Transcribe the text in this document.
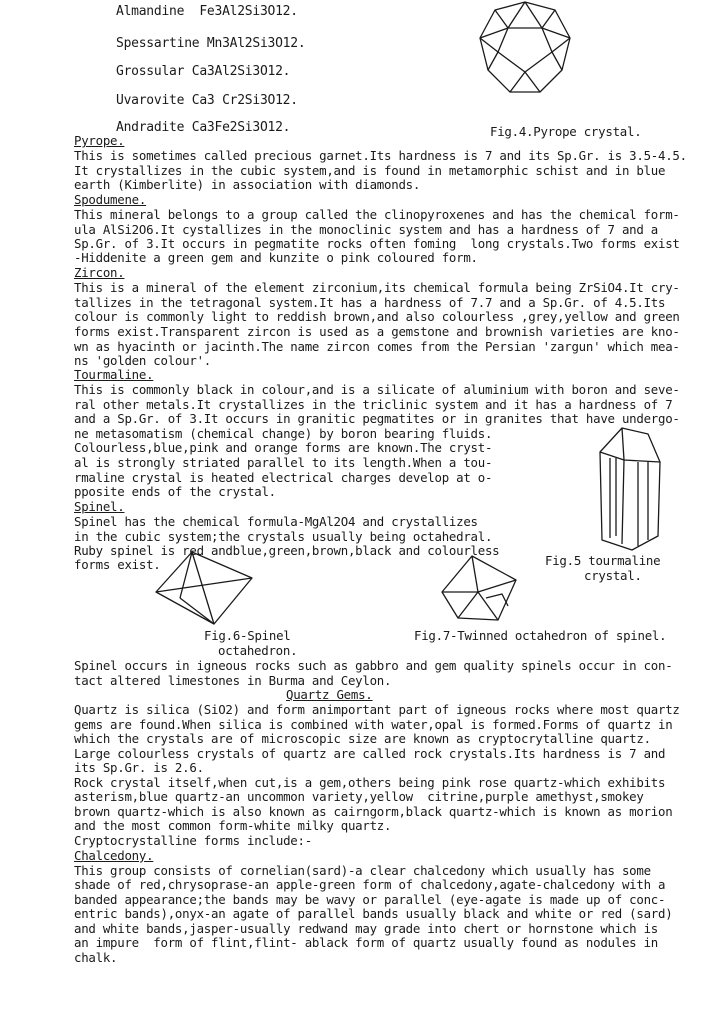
Almandine  Fe3Al2Si3O12.
Spessartine Mn3Al2Si3O12.
Grossular Ca3Al2Si3O12.
Uvarovite Ca3 Cr2Si3O12.
Andradite Ca3Fe2Si3O12.	Fig.4.Pyrope crystal.
Pyrope.
This is sometimes called precious garnet.Its hardness is 7 and its Sp.Gr. is 3.5-4.5.
It crystallizes in the cubic system,and is found in metamorphic schist and in blue
earth (Kimberlite) in association with diamonds.
Spodumene.
This mineral belongs to a group called the clinopyroxenes and has the chemical form-
ula AlSi2O6.It cystallizes in the monoclinic system and has a hardness of 7 and a
Sp.Gr. of 3.It occurs in pegmatite rocks often foming  long crystals.Two forms exist
-Hiddenite a green gem and kunzite o pink coloured form.
Zircon.
This is a mineral of the element zirconium,its chemical formula being ZrSiO4.It cry-
tallizes in the tetragonal system.It has a hardness of 7.7 and a Sp.Gr. of 4.5.Its
colour is commonly light to reddish brown,and also colourless ,grey,yellow and green
forms exist.Transparent zircon is used as a gemstone and brownish varieties are kno-
wn as hyacinth or jacinth.The name zircon comes from the Persian 'zargun' which mea-
ns 'golden colour'.
Tourmaline.
This is commonly black in colour,and is a silicate of aluminium with boron and seve-
ral other metals.It crystallizes in the triclinic system and it has a hardness of 7
and a Sp.Gr. of 3.It occurs in granitic pegmatites or in granites that have undergo-
ne metasomatism (chemical change) by boron bearing fluids.
Colourless,blue,pink and orange forms are known.The cryst-
al is strongly striated parallel to its length.When a tou-
rmaline crystal is heated electrical charges develop at o-
pposite ends of the crystal.
Spinel.
Spinel has the chemical formula-MgAl2O4 and crystallizes
in the cubic system;the crystals usually being octahedral.
Ruby spinel is red andblue,green,brown,black and colourless
forms exist.	Fig.5 tourmaline
crystal.
Fig.6-Spinel
octahedron.
Fig.7-Twinned octahedron of spinel.
Spinel occurs in igneous rocks such as gabbro and gem quality spinels occur in con-
tact altered limestones in Burma and Ceylon.
Quartz Gems.
Quartz is silica (SiO2) and form animportant part of igneous rocks where most quartz
gems are found.When silica is combined with water,opal is formed.Forms of quartz in
which the crystals are of microscopic size are known as cryptocrytalline quartz.
Large colourless crystals of quartz are called rock crystals.Its hardness is 7 and
its Sp.Gr. is 2.6.
Rock crystal itself,when cut,is a gem,others being pink rose quartz-which exhibits
asterism,blue quartz-an uncommon variety,yellow  citrine,purple amethyst,smokey
brown quartz-which is also known as cairngorm,black quartz-which is known as morion
and the most common form-white milky quartz.
Cryptocrystalline forms include:-
Chalcedony.
This group consists of cornelian(sard)-a clear chalcedony which usually has some
shade of red,chrysoprase-an apple-green form of chalcedony,agate-chalcedony with a
banded appearance;the bands may be wavy or parallel (eye-agate is made up of conc-
entric bands),onyx-an agate of parallel bands usually black and white or red (sard)
and white bands,jasper-usually redwand may grade into chert or hornstone which is
an impure  form of flint,flint- ablack form of quartz usually found as nodules in
chalk.
